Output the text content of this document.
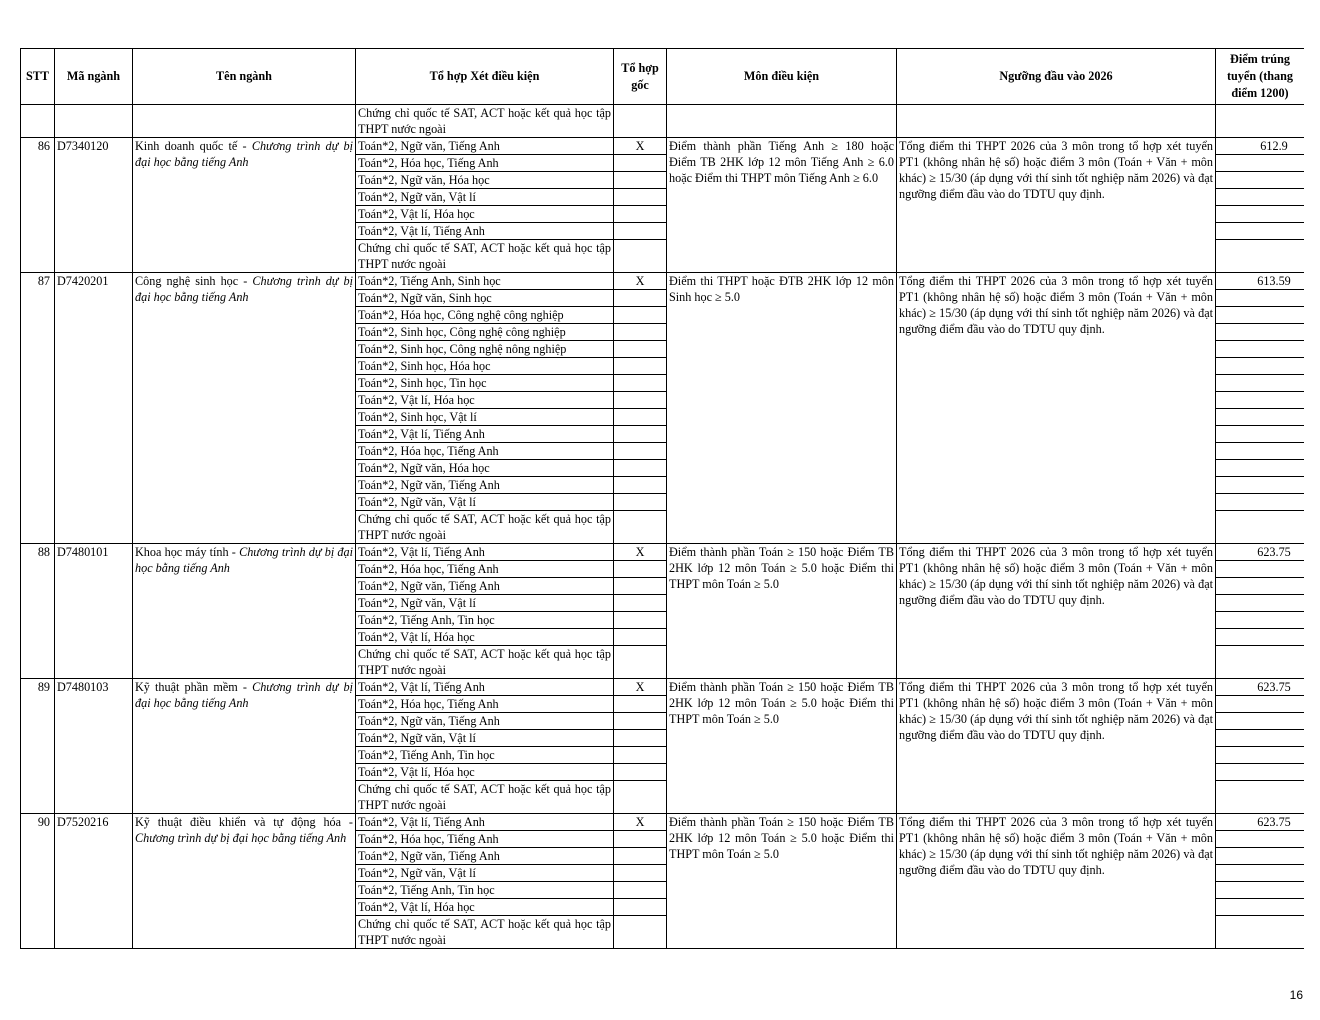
STT	Mã ngành	Tên ngành	Tổ hợp Xét điều kiện	Tổ hợp gốc	Môn điều kiện	Ngưỡng đầu vào 2026	Điểm trúng tuyển (thang điểm 1200)
			Chứng chỉ quốc tế SAT, ACT hoặc kết quả học tập THPT nước ngoài				
86	D7340120	Kinh doanh quốc tế - Chương trình dự bị đại học bằng tiếng Anh	Toán*2, Ngữ văn, Tiếng Anh	X	Điểm thành phần Tiếng Anh ≥ 180 hoặc Điểm TB 2HK lớp 12 môn Tiếng Anh ≥ 6.0 hoặc Điểm thi THPT môn Tiếng Anh ≥ 6.0	Tổng điểm thi THPT 2026 của 3 môn trong tổ hợp xét tuyển PT1 (không nhân hệ số) hoặc điểm 3 môn (Toán + Văn + môn khác) ≥ 15/30 (áp dụng với thí sinh tốt nghiệp năm 2026) và đạt ngưỡng điểm đầu vào do TDTU quy định.	612.9
			Toán*2, Hóa học, Tiếng Anh				
			Toán*2, Ngữ văn, Hóa học				
			Toán*2, Ngữ văn, Vật lí				
			Toán*2, Vật lí, Hóa học				
			Toán*2, Vật lí, Tiếng Anh				
			Chứng chỉ quốc tế SAT, ACT hoặc kết quả học tập THPT nước ngoài				
87	D7420201	Công nghệ sinh học - Chương trình dự bị đại học bằng tiếng Anh	Toán*2, Tiếng Anh, Sinh học	X	Điểm thi THPT hoặc ĐTB 2HK lớp 12 môn Sinh học ≥ 5.0	Tổng điểm thi THPT 2026 của 3 môn trong tổ hợp xét tuyển PT1 (không nhân hệ số) hoặc điểm 3 môn (Toán + Văn + môn khác) ≥ 15/30 (áp dụng với thí sinh tốt nghiệp năm 2026) và đạt ngưỡng điểm đầu vào do TDTU quy định.	613.59
			Toán*2, Ngữ văn, Sinh học				
			Toán*2, Hóa học, Công nghệ công nghiệp				
			Toán*2, Sinh học, Công nghệ công nghiệp				
			Toán*2, Sinh học, Công nghệ nông nghiệp				
			Toán*2, Sinh học, Hóa học				
			Toán*2, Sinh học, Tin học				
			Toán*2, Vật lí, Hóa học				
			Toán*2, Sinh học, Vật lí				
			Toán*2, Vật lí, Tiếng Anh				
			Toán*2, Hóa học, Tiếng Anh				
			Toán*2, Ngữ văn, Hóa học				
			Toán*2, Ngữ văn, Tiếng Anh				
			Toán*2, Ngữ văn, Vật lí				
			Chứng chỉ quốc tế SAT, ACT hoặc kết quả học tập THPT nước ngoài				
88	D7480101	Khoa học máy tính - Chương trình dự bị đại học bằng tiếng Anh	Toán*2, Vật lí, Tiếng Anh	X	Điểm thành phần Toán ≥ 150 hoặc Điểm TB 2HK lớp 12 môn Toán ≥ 5.0 hoặc Điểm thi THPT môn Toán ≥ 5.0	Tổng điểm thi THPT 2026 của 3 môn trong tổ hợp xét tuyển PT1 (không nhân hệ số) hoặc điểm 3 môn (Toán + Văn + môn khác) ≥ 15/30 (áp dụng với thí sinh tốt nghiệp năm 2026) và đạt ngưỡng điểm đầu vào do TDTU quy định.	623.75
			Toán*2, Hóa học, Tiếng Anh				
			Toán*2, Ngữ văn, Tiếng Anh				
			Toán*2, Ngữ văn, Vật lí				
			Toán*2, Tiếng Anh, Tin học				
			Toán*2, Vật lí, Hóa học				
			Chứng chỉ quốc tế SAT, ACT hoặc kết quả học tập THPT nước ngoài				
89	D7480103	Kỹ thuật phần mềm - Chương trình dự bị đại học bằng tiếng Anh	Toán*2, Vật lí, Tiếng Anh	X	Điểm thành phần Toán ≥ 150 hoặc Điểm TB 2HK lớp 12 môn Toán ≥ 5.0 hoặc Điểm thi THPT môn Toán ≥ 5.0	Tổng điểm thi THPT 2026 của 3 môn trong tổ hợp xét tuyển PT1 (không nhân hệ số) hoặc điểm 3 môn (Toán + Văn + môn khác) ≥ 15/30 (áp dụng với thí sinh tốt nghiệp năm 2026) và đạt ngưỡng điểm đầu vào do TDTU quy định.	623.75
			Toán*2, Hóa học, Tiếng Anh				
			Toán*2, Ngữ văn, Tiếng Anh				
			Toán*2, Ngữ văn, Vật lí				
			Toán*2, Tiếng Anh, Tin học				
			Toán*2, Vật lí, Hóa học				
			Chứng chỉ quốc tế SAT, ACT hoặc kết quả học tập THPT nước ngoài				
90	D7520216	Kỹ thuật điều khiển và tự động hóa - Chương trình dự bị đại học bằng tiếng Anh	Toán*2, Vật lí, Tiếng Anh	X	Điểm thành phần Toán ≥ 150 hoặc Điểm TB 2HK lớp 12 môn Toán ≥ 5.0 hoặc Điểm thi THPT môn Toán ≥ 5.0	Tổng điểm thi THPT 2026 của 3 môn trong tổ hợp xét tuyển PT1 (không nhân hệ số) hoặc điểm 3 môn (Toán + Văn + môn khác) ≥ 15/30 (áp dụng với thí sinh tốt nghiệp năm 2026) và đạt ngưỡng điểm đầu vào do TDTU quy định.	623.75
			Toán*2, Hóa học, Tiếng Anh				
			Toán*2, Ngữ văn, Tiếng Anh				
			Toán*2, Ngữ văn, Vật lí				
			Toán*2, Tiếng Anh, Tin học				
			Toán*2, Vật lí, Hóa học				
			Chứng chỉ quốc tế SAT, ACT hoặc kết quả học tập THPT nước ngoài				
16
